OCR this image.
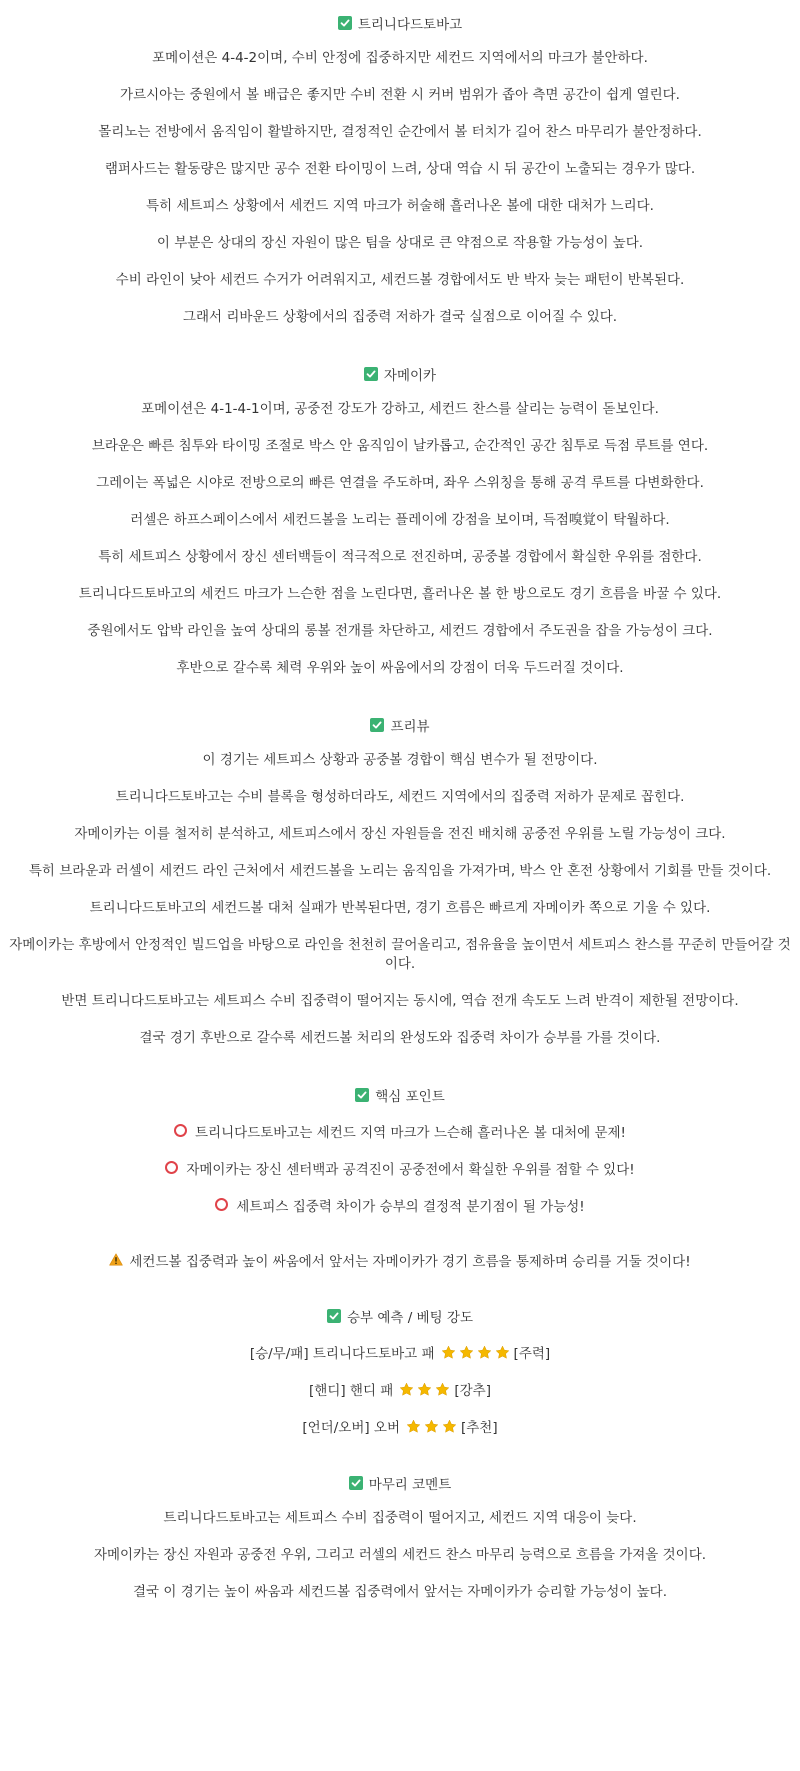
트리니다드토바고

포메이션은 4-4-2이며, 수비 안정에 집중하지만 세컨드 지역에서의 마크가 불안하다.

가르시아는 중원에서 볼 배급은 좋지만 수비 전환 시 커버 범위가 좁아 측면 공간이 쉽게 열린다.

몰리노는 전방에서 움직임이 활발하지만, 결정적인 순간에서 볼 터치가 길어 찬스 마무리가 불안정하다.

램퍼사드는 활동량은 많지만 공수 전환 타이밍이 느려, 상대 역습 시 뒤 공간이 노출되는 경우가 많다.

특히 세트피스 상황에서 세컨드 지역 마크가 허술해 흘러나온 볼에 대한 대처가 느리다.

이 부분은 상대의 장신 자원이 많은 팀을 상대로 큰 약점으로 작용할 가능성이 높다.

수비 라인이 낮아 세컨드 수거가 어려워지고, 세컨드볼 경합에서도 반 박자 늦는 패턴이 반복된다.

그래서 리바운드 상황에서의 집중력 저하가 결국 실점으로 이어질 수 있다.

자메이카

포메이션은 4-1-4-1이며, 공중전 강도가 강하고, 세컨드 찬스를 살리는 능력이 돋보인다.

브라운은 빠른 침투와 타이밍 조절로 박스 안 움직임이 날카롭고, 순간적인 공간 침투로 득점 루트를 연다.

그레이는 폭넓은 시야로 전방으로의 빠른 연결을 주도하며, 좌우 스위칭을 통해 공격 루트를 다변화한다.

러셀은 하프스페이스에서 세컨드볼을 노리는 플레이에 강점을 보이며, 득점嗅覚이 탁월하다.

특히 세트피스 상황에서 장신 센터백들이 적극적으로 전진하며, 공중볼 경합에서 확실한 우위를 점한다.

트리니다드토바고의 세컨드 마크가 느슨한 점을 노린다면, 흘러나온 볼 한 방으로도 경기 흐름을 바꿀 수 있다.

중원에서도 압박 라인을 높여 상대의 롱볼 전개를 차단하고, 세컨드 경합에서 주도권을 잡을 가능성이 크다.

후반으로 갈수록 체력 우위와 높이 싸움에서의 강점이 더욱 두드러질 것이다.

프리뷰

이 경기는 세트피스 상황과 공중볼 경합이 핵심 변수가 될 전망이다.

트리니다드토바고는 수비 블록을 형성하더라도, 세컨드 지역에서의 집중력 저하가 문제로 꼽힌다.

자메이카는 이를 철저히 분석하고, 세트피스에서 장신 자원들을 전진 배치해 공중전 우위를 노릴 가능성이 크다.

특히 브라운과 러셀이 세컨드 라인 근처에서 세컨드볼을 노리는 움직임을 가져가며, 박스 안 혼전 상황에서 기회를 만들 것이다.

트리니다드토바고의 세컨드볼 대처 실패가 반복된다면, 경기 흐름은 빠르게 자메이카 쪽으로 기울 수 있다.

자메이카는 후방에서 안정적인 빌드업을 바탕으로 라인을 천천히 끌어올리고, 점유율을 높이면서 세트피스 찬스를 꾸준히 만들어갈 것이다.

반면 트리니다드토바고는 세트피스 수비 집중력이 떨어지는 동시에, 역습 전개 속도도 느려 반격이 제한될 전망이다.

결국 경기 후반으로 갈수록 세컨드볼 처리의 완성도와 집중력 차이가 승부를 가를 것이다.

핵심 포인트
트리니다드토바고는 세컨드 지역 마크가 느슨해 흘러나온 볼 대처에 문제!
자메이카는 장신 센터백과 공격진이 공중전에서 확실한 우위를 점할 수 있다!
세트피스 집중력 차이가 승부의 결정적 분기점이 될 가능성!
세컨드볼 집중력과 높이 싸움에서 앞서는 자메이카가 경기 흐름을 통제하며 승리를 거둘 것이다!
승부 예측 / 베팅 강도
[승/무/패] 트리니다드토바고 패	[주력]
[핸디] 핸디 패	[강추]
[언더/오버] 오버	[추천]
마무리 코멘트

트리니다드토바고는 세트피스 수비 집중력이 떨어지고, 세컨드 지역 대응이 늦다.

자메이카는 장신 자원과 공중전 우위, 그리고 러셀의 세컨드 찬스 마무리 능력으로 흐름을 가져올 것이다.

결국 이 경기는 높이 싸움과 세컨드볼 집중력에서 앞서는 자메이카가 승리할 가능성이 높다.
